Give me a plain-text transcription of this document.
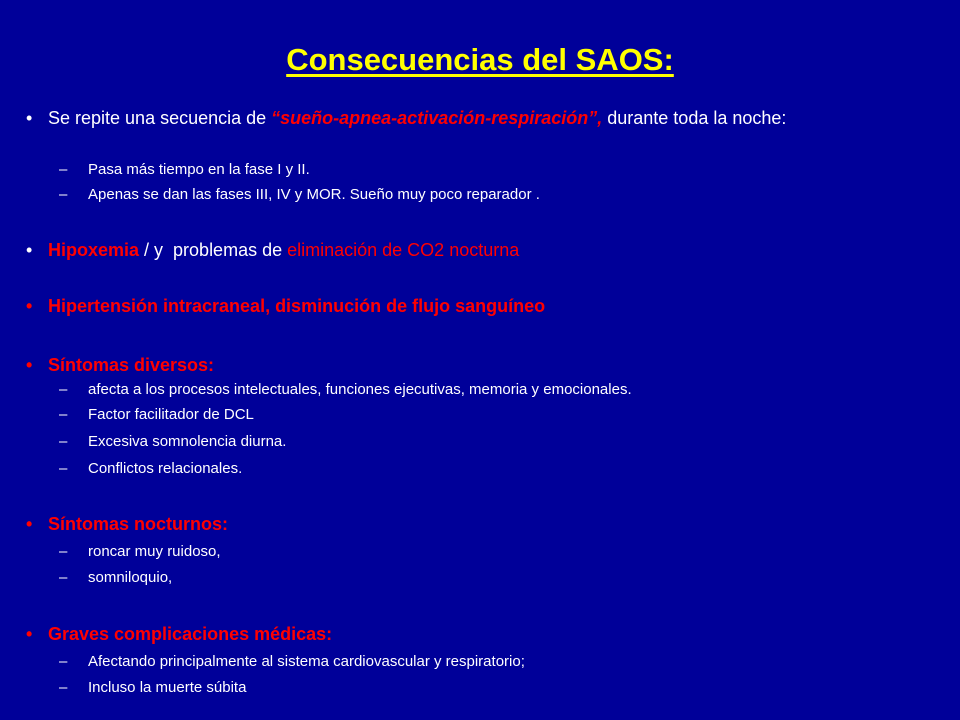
Consecuencias del SAOS:
• Se repite una secuencia de “sueño-apnea-activación-respiración”, durante toda la noche:
– Pasa más tiempo en la fase I y II.
– Apenas se dan las fases III, IV y MOR. Sueño muy poco reparador .
• Hipoxemia / y  problemas de eliminación de CO2 nocturna
• Hipertensión intracraneal, disminución de flujo sanguíneo
• Síntomas diversos:
– afecta a los procesos intelectuales, funciones ejecutivas, memoria y emocionales.
– Factor facilitador de DCL
– Excesiva somnolencia diurna.
– Conflictos relacionales.
• Síntomas nocturnos:
– roncar muy ruidoso,
– somniloquio,
• Graves complicaciones médicas:
– Afectando principalmente al sistema cardiovascular y respiratorio;
– Incluso la muerte súbita
